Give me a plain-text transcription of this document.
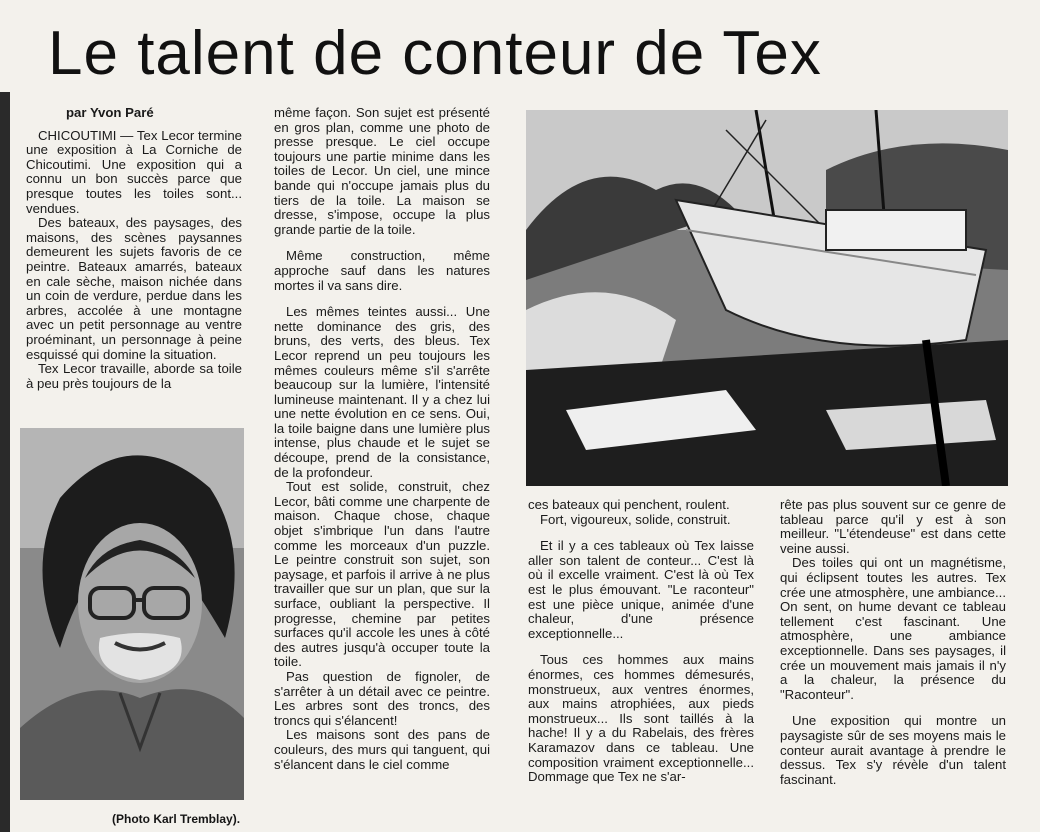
Le talent de conteur de Tex

par Yvon Paré

CHICOUTIMI — Tex Lecor termine une exposition à La Corniche de Chicoutimi. Une exposition qui a connu un bon succès parce que presque toutes les toiles sont... vendues.

Des bateaux, des paysages, des maisons, des scènes paysannes demeurent les sujets favoris de ce peintre. Bateaux amarrés, bateaux en cale sèche, maison nichée dans un coin de verdure, perdue dans les arbres, accolée à une montagne avec un petit personnage au ventre proéminant, un personnage à peine esquissé qui domine la situation.

Tex Lecor travaille, aborde sa toile à peu près toujours de la

(Photo Karl Tremblay).

même façon. Son sujet est présenté en gros plan, comme une photo de presse presque. Le ciel occupe toujours une partie minime dans les toiles de Lecor. Un ciel, une mince bande qui n'occupe jamais plus du tiers de la toile. La maison se dresse, s'impose, occupe la plus grande partie de la toile.

Même construction, même approche sauf dans les natures mortes il va sans dire.

Les mêmes teintes aussi... Une nette dominance des gris, des bruns, des verts, des bleus. Tex Lecor reprend un peu toujours les mêmes couleurs même s'il s'arrête beaucoup sur la lumière, l'intensité lumineuse maintenant. Il y a chez lui une nette évolution en ce sens. Oui, la toile baigne dans une lumière plus intense, plus chaude et le sujet se découpe, prend de la consistance, de la profondeur.

Tout est solide, construit, chez Lecor, bâti comme une charpente de maison. Chaque chose, chaque objet s'imbrique l'un dans l'autre comme les morceaux d'un puzzle. Le peintre construit son sujet, son paysage, et parfois il arrive à ne plus travailler que sur un plan, que sur la surface, oubliant la perspective. Il progresse, chemine par petites surfaces qu'il accole les unes à côté des autres jusqu'à occuper toute la toile.

Pas question de fignoler, de s'arrêter à un détail avec ce peintre. Les arbres sont des troncs, des troncs qui s'élancent!

Les maisons sont des pans de couleurs, des murs qui tanguent, qui s'élancent dans le ciel comme

ces bateaux qui penchent, roulent.

Fort, vigoureux, solide, construit.

Et il y a ces tableaux où Tex laisse aller son talent de conteur... C'est là où il excelle vraiment. C'est là où Tex est le plus émouvant. "Le raconteur" est une pièce unique, animée d'une chaleur, d'une présence exceptionnelle...

Tous ces hommes aux mains énormes, ces hommes démesurés, monstrueux, aux ventres énormes, aux mains atrophiées, aux pieds monstrueux... Ils sont taillés à la hache! Il y a du Rabelais, des frères Karamazov dans ce tableau. Une composition vraiment exceptionnelle... Dommage que Tex ne s'ar-

rête pas plus souvent sur ce genre de tableau parce qu'il y est à son meilleur. "L'étendeuse" est dans cette veine aussi.

Des toiles qui ont un magnétisme, qui éclipsent toutes les autres. Tex crée une atmosphère, une ambiance... On sent, on hume devant ce tableau tellement c'est fascinant. Une atmosphère, une ambiance exceptionnelle. Dans ses paysages, il crée un mouvement mais jamais il n'y a la chaleur, la présence du "Raconteur".

Une exposition qui montre un paysagiste sûr de ses moyens mais le conteur aurait avantage à prendre le dessus. Tex s'y révèle d'un talent fascinant.
